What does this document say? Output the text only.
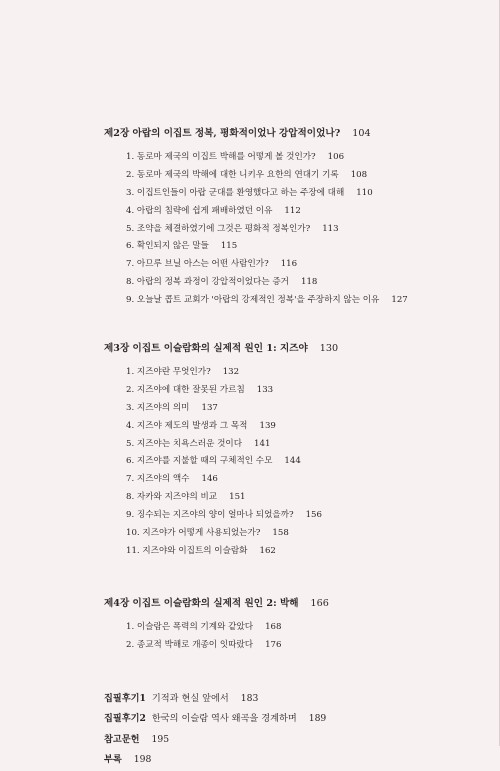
제2장 아랍의 이집트 정복, 평화적이었나 강압적이었나? 104
1. 동로마 제국의 이집트 박해를 어떻게 볼 것인가? 106
2. 동로마 제국의 박해에 대한 니키우 요한의 연대기 기록 108
3. 이집트인들이 아랍 군대를 환영했다고 하는 주장에 대해 110
4. 아랍의 침략에 쉽게 패배하였던 이유 112
5. 조약을 체결하였기에 그것은 평화적 정복인가? 113
6. 확인되지 않은 말들 115
7. 아므루 브닐 아스는 어떤 사람인가? 116
8. 아랍의 정복 과정이 강압적이었다는 증거 118
9. 오늘날 콥트 교회가 '아랍의 강제적인 정복'을 주장하지 않는 이유 127
제3장 이집트 이슬람화의 실제적 원인 1: 지즈야 130
1. 지즈야란 무엇인가? 132
2. 지즈야에 대한 잘못된 가르침 133
3. 지즈야의 의미 137
4. 지즈야 제도의 발생과 그 목적 139
5. 지즈야는 치욕스러운 것이다 141
6. 지즈야를 지불할 때의 구체적인 수모 144
7. 지즈야의 액수 146
8. 자카와 지즈야의 비교 151
9. 징수되는 지즈야의 양이 얼마나 되었을까? 156
10. 지즈야가 어떻게 사용되었는가? 158
11. 지즈야와 이집트의 이슬람화 162
제4장 이집트 이슬람화의 실제적 원인 2: 박해 166
1. 이슬람은 폭력의 기계와 같았다 168
2. 종교적 박해로 개종이 잇따랐다 176
집필후기1 기적과 현실 앞에서 183
집필후기2 한국의 이슬람 역사 왜곡을 경계하며 189
참고문헌 195
부록 198
